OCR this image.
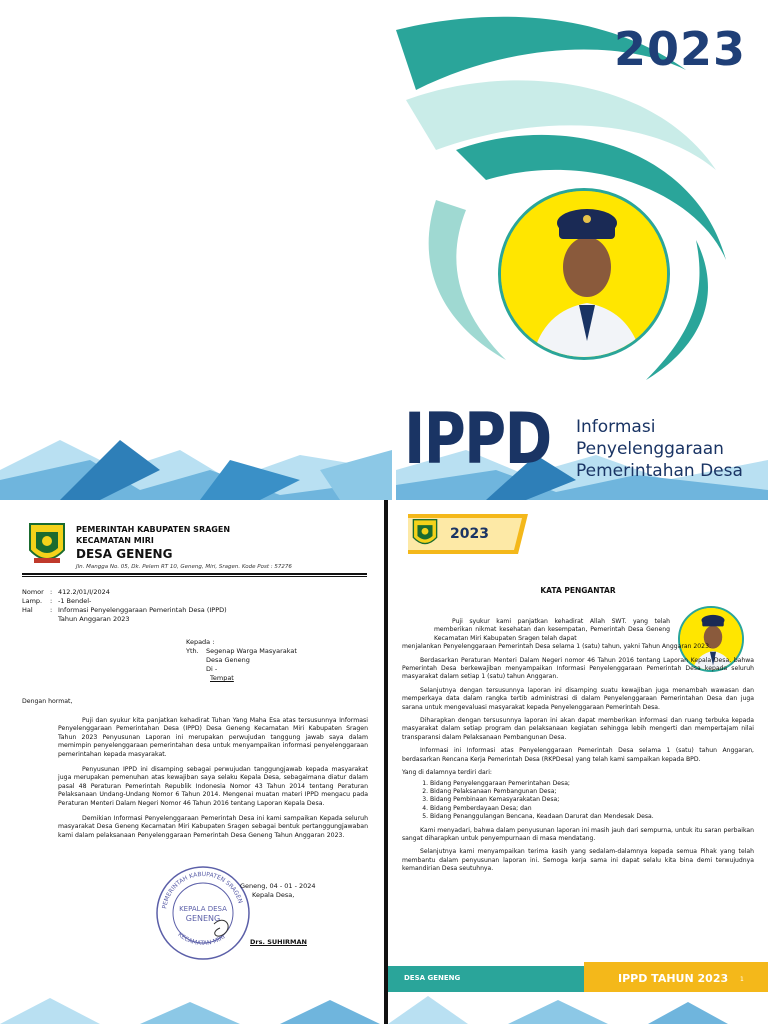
2023
IPPD Informasi
Penyelenggaraan
Pemerintahan Desa
PEMERINTAH KABUPATEN SRAGEN
KECAMATAN MIRI
DESA GENENG
Jln. Mangga No. 05, Dk. Pelem RT 10, Geneng, Miri, Sragen. Kode Post : 57276
Nomor : 412.2/01/I/2024
Lamp.	: -1 Bendel-
Hal	: Informasi Penyelenggaraan Pemerintah Desa (IPPD)
Tahun Anggaran 2023
Kepada :
Yth.	Segenap Warga Masyarakat
Desa Geneng
Di -
Tempat

Dengan hormat,

Puji dan syukur kita panjatkan kehadirat Tuhan Yang Maha Esa atas tersusunnya Informasi Penyelenggaraan Pemerintahan Desa (IPPD) Desa Geneng Kecamatan Miri Kabupaten Sragen Tahun 2023 Penyusunan Laporan ini merupakan perwujudan tanggung jawab saya dalam memimpin penyelenggaraan pemerintahan desa untuk menyampaikan informasi penyelenggaraan pemerintahan kepada masyarakat.

Penyusunan IPPD ini disamping sebagai perwujudan tanggungjawab kepada masyarakat juga merupakan pemenuhan atas kewajiban saya selaku Kepala Desa, sebagaimana diatur dalam pasal 48 Peraturan Pemerintah Republik Indonesia Nomor 43 Tahun 2014 tentang Peraturan Pelaksanaan Undang-Undang Nomor 6 Tahun 2014. Mengenai muatan materi IPPD mengacu pada Peraturan Menteri Dalam Negeri Nomor 46 Tahun 2016 tentang Laporan Kepala Desa.

Demikian Informasi Penyelenggaraan Pemerintah Desa ini kami sampaikan Kepada seluruh masyarakat Desa Geneng Kecamatan Miri Kabupaten Sragen sebagai bentuk pertanggungjawaban kami dalam pelaksanaan Penyelenggaraan Pemerintah Desa Geneng Tahun Anggaran 2023.

PEMERINTAH KABUPATEN SRAGEN
KEPALA DESA
GENENG
KECAMATAN MIRI
Geneng, 04 - 01 - 2024
Kepala Desa,
Drs. SUHIRMAN
2023
KATA PENGANTAR

Puji syukur kami panjatkan kehadirat Allah SWT. yang telah memberikan nikmat kesehatan dan kesempatan, Pemerintah Desa Geneng Kecamatan Miri Kabupaten Sragen telah dapat

menjalankan Penyelenggaraan Pemerintah Desa selama 1 (satu) tahun, yakni Tahun Anggaran 2023.

Berdasarkan Peraturan Menteri Dalam Negeri nomor 46 Tahun 2016 tentang Laporan Kepala Desa, bahwa Pemerintah Desa berkewajiban menyampaikan Informasi Penyelenggaraan Pemerintah Desa kepada seluruh masyarakat dalam setiap 1 (satu) tahun Anggaran.

Selanjutnya dengan tersusunnya laporan ini disamping suatu kewajiban juga menambah wawasan dan memperkaya data dalam rangka tertib administrasi di dalam Penyelenggaraan Pemerintahan Desa dan juga sarana untuk mengevaluasi masyarakat kepada Penyelenggaraan Pemerintah Desa.

Diharapkan dengan tersusunnya laporan ini akan dapat memberikan informasi dan ruang terbuka kepada masyarakat dalam setiap program dan pelaksanaan kegiatan sehingga lebih mengerti dan mempertajam nilai transparansi dalam Pelaksanaan Pembangunan Desa.

Informasi ini Informasi atas Penyelenggaraan Pemerintah Desa selama 1 (satu) tahun Anggaran, berdasarkan Rencana Kerja Pemerintah Desa (RKPDesa) yang telah kami sampaikan kepada BPD.

Yang di dalamnya terdiri dari:

1. Bidang Penyelenggaraan Pemerintahan Desa;
2. Bidang Pelaksanaan Pembangunan Desa;
3. Bidang Pembinaan Kemasyarakatan Desa;
4. Bidang Pemberdayaan Desa; dan
5. Bidang Penanggulangan Bencana, Keadaan Darurat dan Mendesak Desa.

Kami menyadari, bahwa dalam penyusunan laporan ini masih jauh dari sempurna, untuk itu saran perbaikan sangat diharapkan untuk penyempurnaan di masa mendatang.

Selanjutnya kami menyampaikan terima kasih yang sedalam-dalamnya kepada semua Pihak yang telah membantu dalam penyusunan laporan ini. Semoga kerja sama ini dapat selalu kita bina demi terwujudnya kemandirian Desa seutuhnya.

DESA GENENG	IPPD TAHUN 2023 1
